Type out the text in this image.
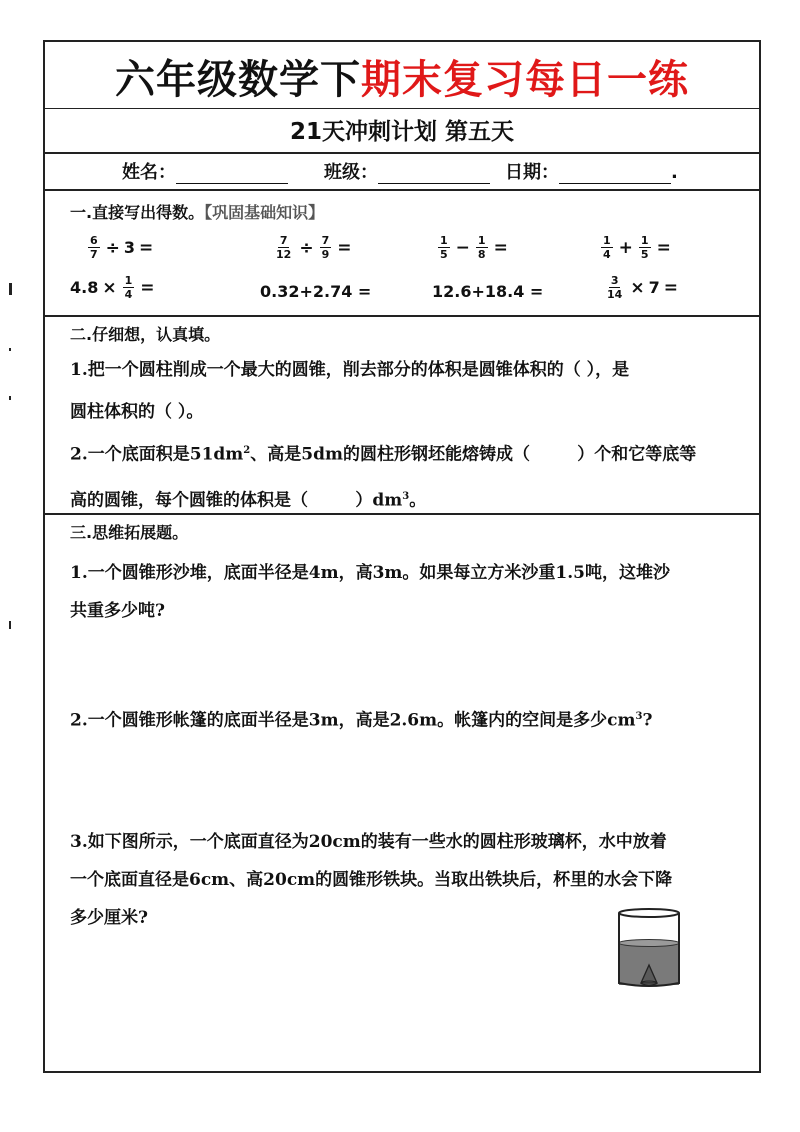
六年级数学下期末复习每日一练
21天冲刺计划 第五天
姓名：	班级：	日期：	.
一.直接写出得数。【巩固基础知识】
$\frac{6}{7} \div 3$ =	$\frac{7}{12} \div \frac{7}{9}$ =	$\frac{1}{5} - \frac{1}{8}$ =	$\frac{1}{4} + \frac{1}{5}$ =
$4.8 \times \frac{1}{4}$ =	0.32+2.74 =	12.6+18.4 =	$\frac{3}{14} \times 7$ =
二.仔细想，认真填。
1.把一个圆柱削成一个最大的圆锥，削去部分的体积是圆锥体积的（ ），是
圆柱体积的（ ）。
2.一个底面积是$51dm^2$、高是5dm的圆柱形钢坯能熔铸成（        ）个和它等底等
高的圆锥，每个圆锥的体积是（        ）$dm^3$。
三.思维拓展题。
1.一个圆锥形沙堆，底面半径是4m，高3m。如果每立方米沙重1.5吨，这堆沙
共重多少吨?
2.一个圆锥形帐篷的底面半径是3m，高是2.6m。帐篷内的空间是多少$cm^3$?
3.如下图所示，一个底面直径为20cm的装有一些水的圆柱形玻璃杯，水中放着
一个底面直径是6cm、高20cm的圆锥形铁块。当取出铁块后，杯里的水会下降
多少厘米?
